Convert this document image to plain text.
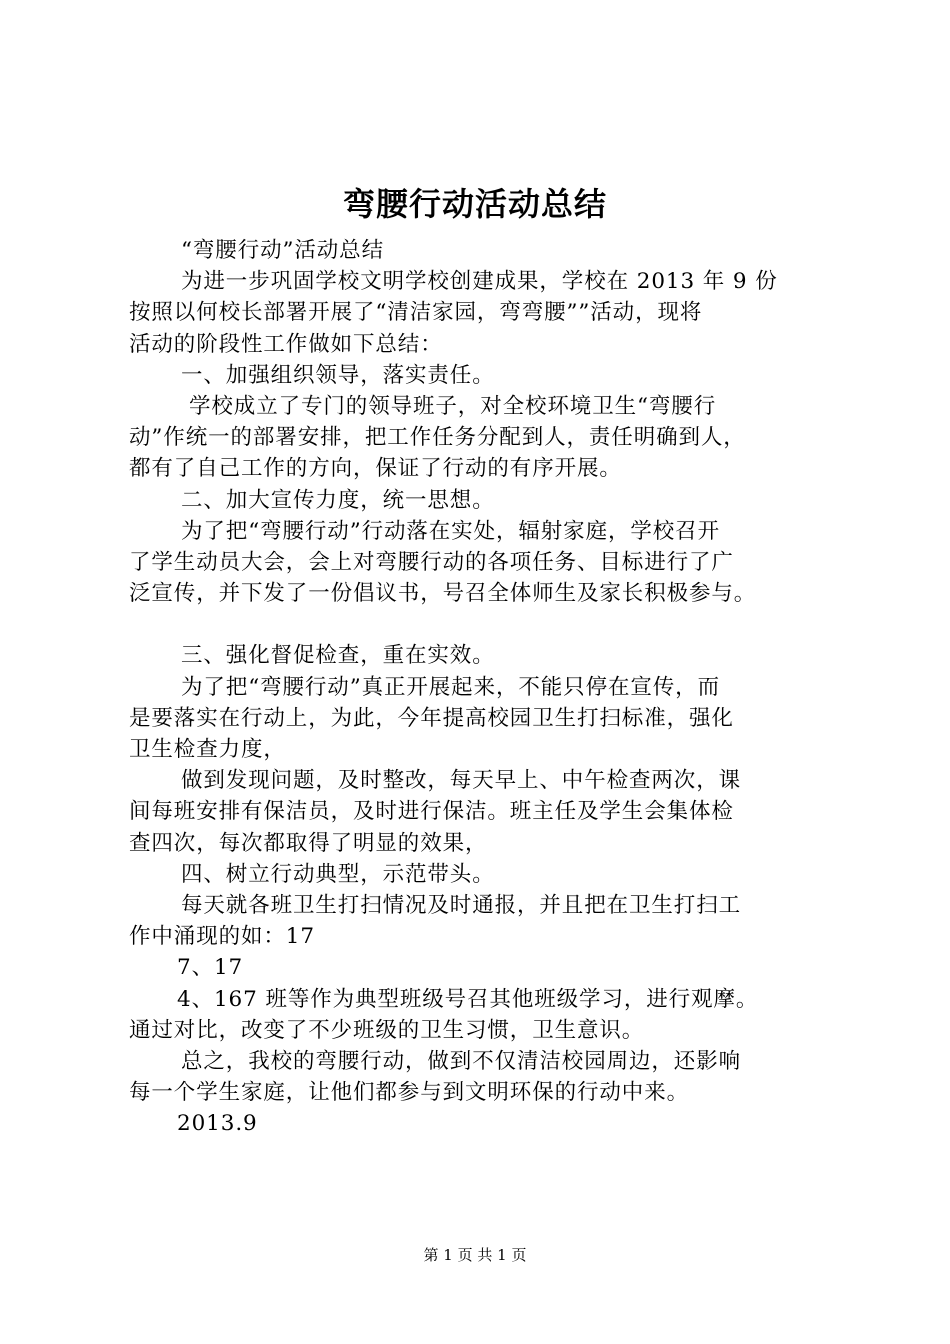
弯腰行动活动总结
“弯腰行动”活动总结
为进一步巩固学校文明学校创建成果，学校在 2013 年 9 份
按照以何校长部署开展了“清洁家园，弯弯腰””活动，现将
活动的阶段性工作做如下总结：
一、加强组织领导，落实责任。
学校成立了专门的领导班子，对全校环境卫生“弯腰行
动”作统一的部署安排，把工作任务分配到人，责任明确到人，
都有了自己工作的方向，保证了行动的有序开展。
二、加大宣传力度，统一思想。
为了把“弯腰行动”行动落在实处，辐射家庭，学校召开
了学生动员大会，会上对弯腰行动的各项任务、目标进行了广
泛宣传，并下发了一份倡议书，号召全体师生及家长积极参与。
三、强化督促检查，重在实效。
为了把“弯腰行动”真正开展起来，不能只停在宣传，而
是要落实在行动上，为此，今年提高校园卫生打扫标准，强化
卫生检查力度，
做到发现问题，及时整改，每天早上、中午检查两次，课
间每班安排有保洁员，及时进行保洁。班主任及学生会集体检
查四次，每次都取得了明显的效果，
四、树立行动典型，示范带头。
每天就各班卫生打扫情况及时通报，并且把在卫生打扫工
作中涌现的如：17
7、17
4、167 班等作为典型班级号召其他班级学习，进行观摩。
通过对比，改变了不少班级的卫生习惯，卫生意识。
总之，我校的弯腰行动，做到不仅清洁校园周边，还影响
每一个学生家庭，让他们都参与到文明环保的行动中来。
2013.9
第 1 页 共 1 页
